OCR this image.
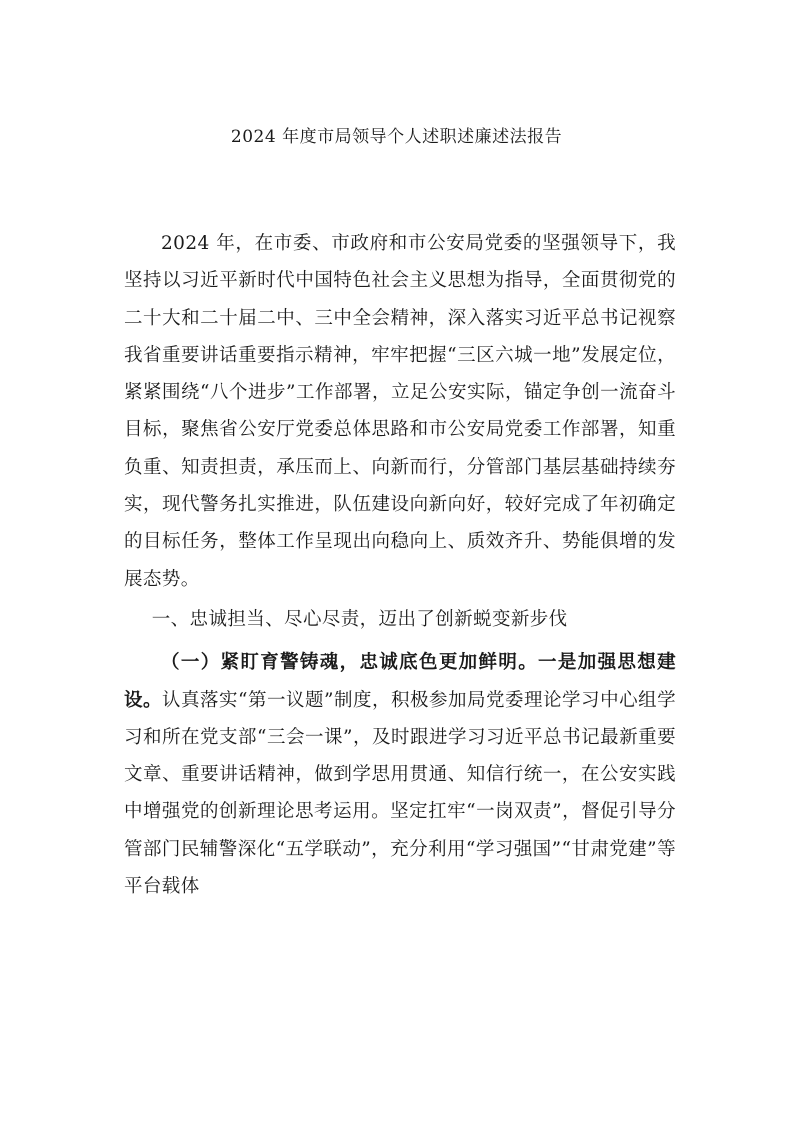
2024 年度市局领导个人述职述廉述法报告

2024 年，在市委、市政府和市公安局党委的坚强领导下，我坚持以习近平新时代中国特色社会主义思想为指导，全面贯彻党的二十大和二十届二中、三中全会精神，深入落实习近平总书记视察我省重要讲话重要指示精神，牢牢把握“三区六城一地”发展定位，紧紧围绕“八个进步”工作部署，立足公安实际，锚定争创一流奋斗目标，聚焦省公安厅党委总体思路和市公安局党委工作部署，知重负重、知责担责，承压而上、向新而行，分管部门基层基础持续夯实，现代警务扎实推进，队伍建设向新向好，较好完成了年初确定的目标任务，整体工作呈现出向稳向上、质效齐升、势能俱增的发展态势。

一、忠诚担当、尽心尽责，迈出了创新蜕变新步伐

（一）紧盯育警铸魂，忠诚底色更加鲜明。一是加强思想建设。认真落实“第一议题”制度，积极参加局党委理论学习中心组学习和所在党支部“三会一课”，及时跟进学习习近平总书记最新重要文章、重要讲话精神，做到学思用贯通、知信行统一，在公安实践中增强党的创新理论思考运用。坚定扛牢“一岗双责”，督促引导分管部门民辅警深化“五学联动”，充分利用“学习强国”“甘肃党建”等平台载体
